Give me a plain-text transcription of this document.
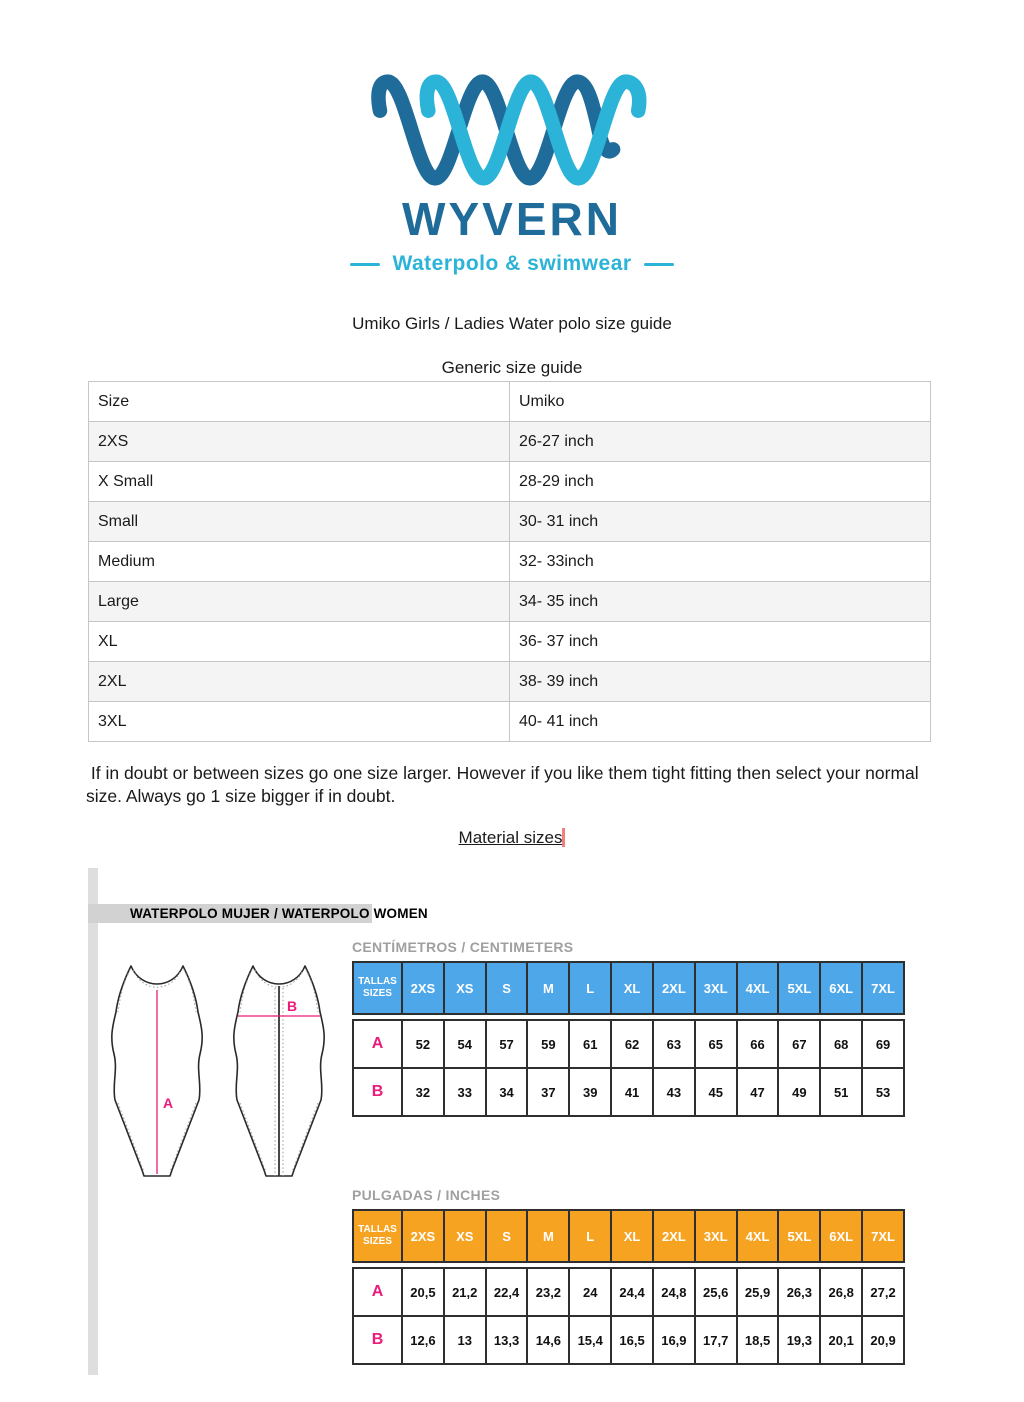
WYVERN
Waterpolo & swimwear
Umiko Girls / Ladies Water polo size guide
Generic size guide
Size	Umiko
2XS	26-27 inch
X Small	28-29 inch
Small	30- 31 inch
Medium	32- 33inch
Large	34- 35 inch
XL	36- 37 inch
2XL	38- 39 inch
3XL	40- 41 inch
If in doubt or between sizes go one size larger. However if you like them tight fitting then select your normal size. Always go 1 size bigger if in doubt.
Material sizes
WATERPOLO MUJER / WATERPOLO WOMEN
A
B
CENTÍMETROS / CENTIMETERS
TALLAS
SIZES	2XS	XS	S	M	L	XL	2XL	3XL	4XL	5XL	6XL	7XL
A	52	54	57	59	61	62	63	65	66	67	68	69
B	32	33	34	37	39	41	43	45	47	49	51	53
PULGADAS / INCHES
TALLAS
SIZES	2XS	XS	S	M	L	XL	2XL	3XL	4XL	5XL	6XL	7XL
A	20,5	21,2	22,4	23,2	24	24,4	24,8	25,6	25,9	26,3	26,8	27,2
B	12,6	13	13,3	14,6	15,4	16,5	16,9	17,7	18,5	19,3	20,1	20,9
